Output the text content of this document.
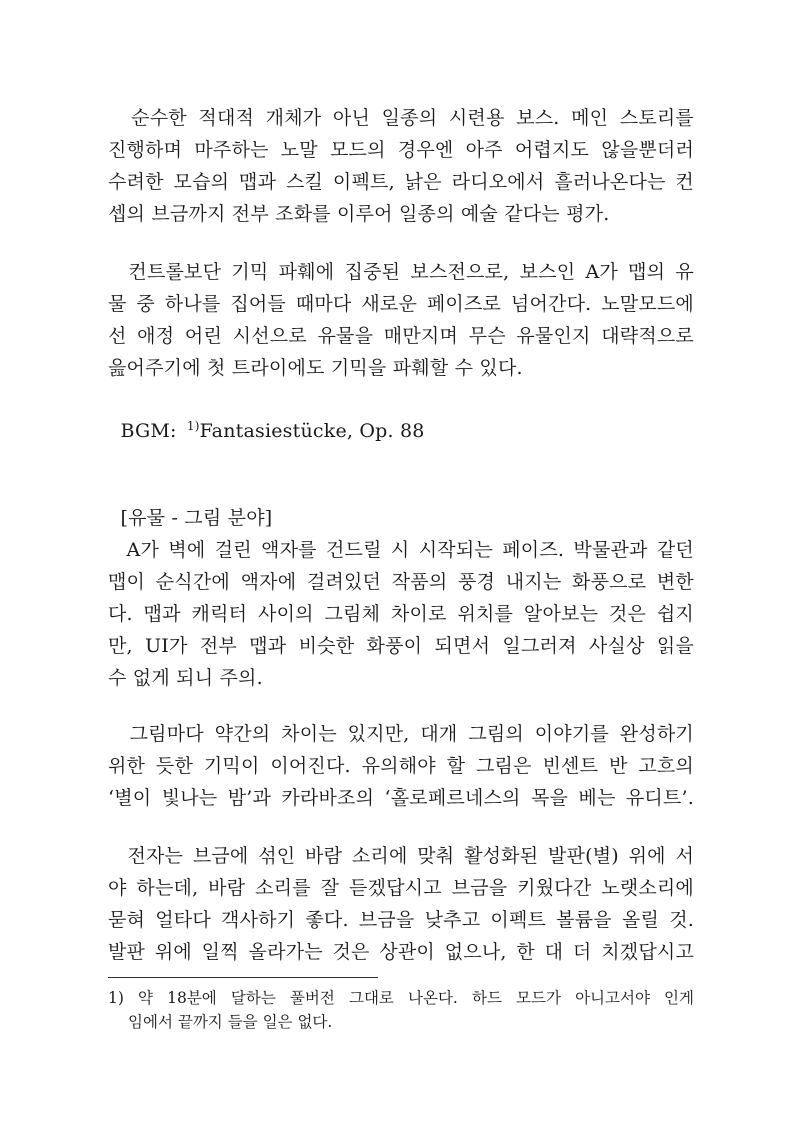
순수한 적대적 개체가 아닌 일종의 시련용 보스. 메인 스토리를
진행하며 마주하는 노말 모드의 경우엔 아주 어렵지도 않을뿐더러
수려한 모습의 맵과 스킬 이펙트, 낡은 라디오에서 흘러나온다는 컨
셉의 브금까지 전부 조화를 이루어 일종의 예술 같다는 평가.
컨트롤보단 기믹 파훼에 집중된 보스전으로, 보스인 A가 맵의 유
물 중 하나를 집어들 때마다 새로운 페이즈로 넘어간다. 노말모드에
선 애정 어린 시선으로 유물을 매만지며 무슨 유물인지 대략적으로
읊어주기에 첫 트라이에도 기믹을 파훼할 수 있다.
BGM: $^{1)}$Fantasiestücke, Op. 88
[유물 - 그림 분야]
A가 벽에 걸린 액자를 건드릴 시 시작되는 페이즈. 박물관과 같던
맵이 순식간에 액자에 걸려있던 작품의 풍경 내지는 화풍으로 변한
다. 맵과 캐릭터 사이의 그림체 차이로 위치를 알아보는 것은 쉽지
만, UI가 전부 맵과 비슷한 화풍이 되면서 일그러져 사실상 읽을
수 없게 되니 주의.
그림마다 약간의 차이는 있지만, 대개 그림의 이야기를 완성하기
위한 듯한 기믹이 이어진다. 유의해야 할 그림은 빈센트 반 고흐의
‘별이 빛나는 밤’과 카라바조의 ‘홀로페르네스의 목을 베는 유디트’.
전자는 브금에 섞인 바람 소리에 맞춰 활성화된 발판(별) 위에 서
야 하는데, 바람 소리를 잘 듣겠답시고 브금을 키웠다간 노랫소리에
묻혀 얼타다 객사하기 좋다. 브금을 낮추고 이펙트 볼륨을 올릴 것.
발판 위에 일찍 올라가는 것은 상관이 없으나, 한 대 더 치겠답시고
1) 약 18분에 달하는 풀버전 그대로 나온다. 하드 모드가 아니고서야 인게
임에서 끝까지 들을 일은 없다.
